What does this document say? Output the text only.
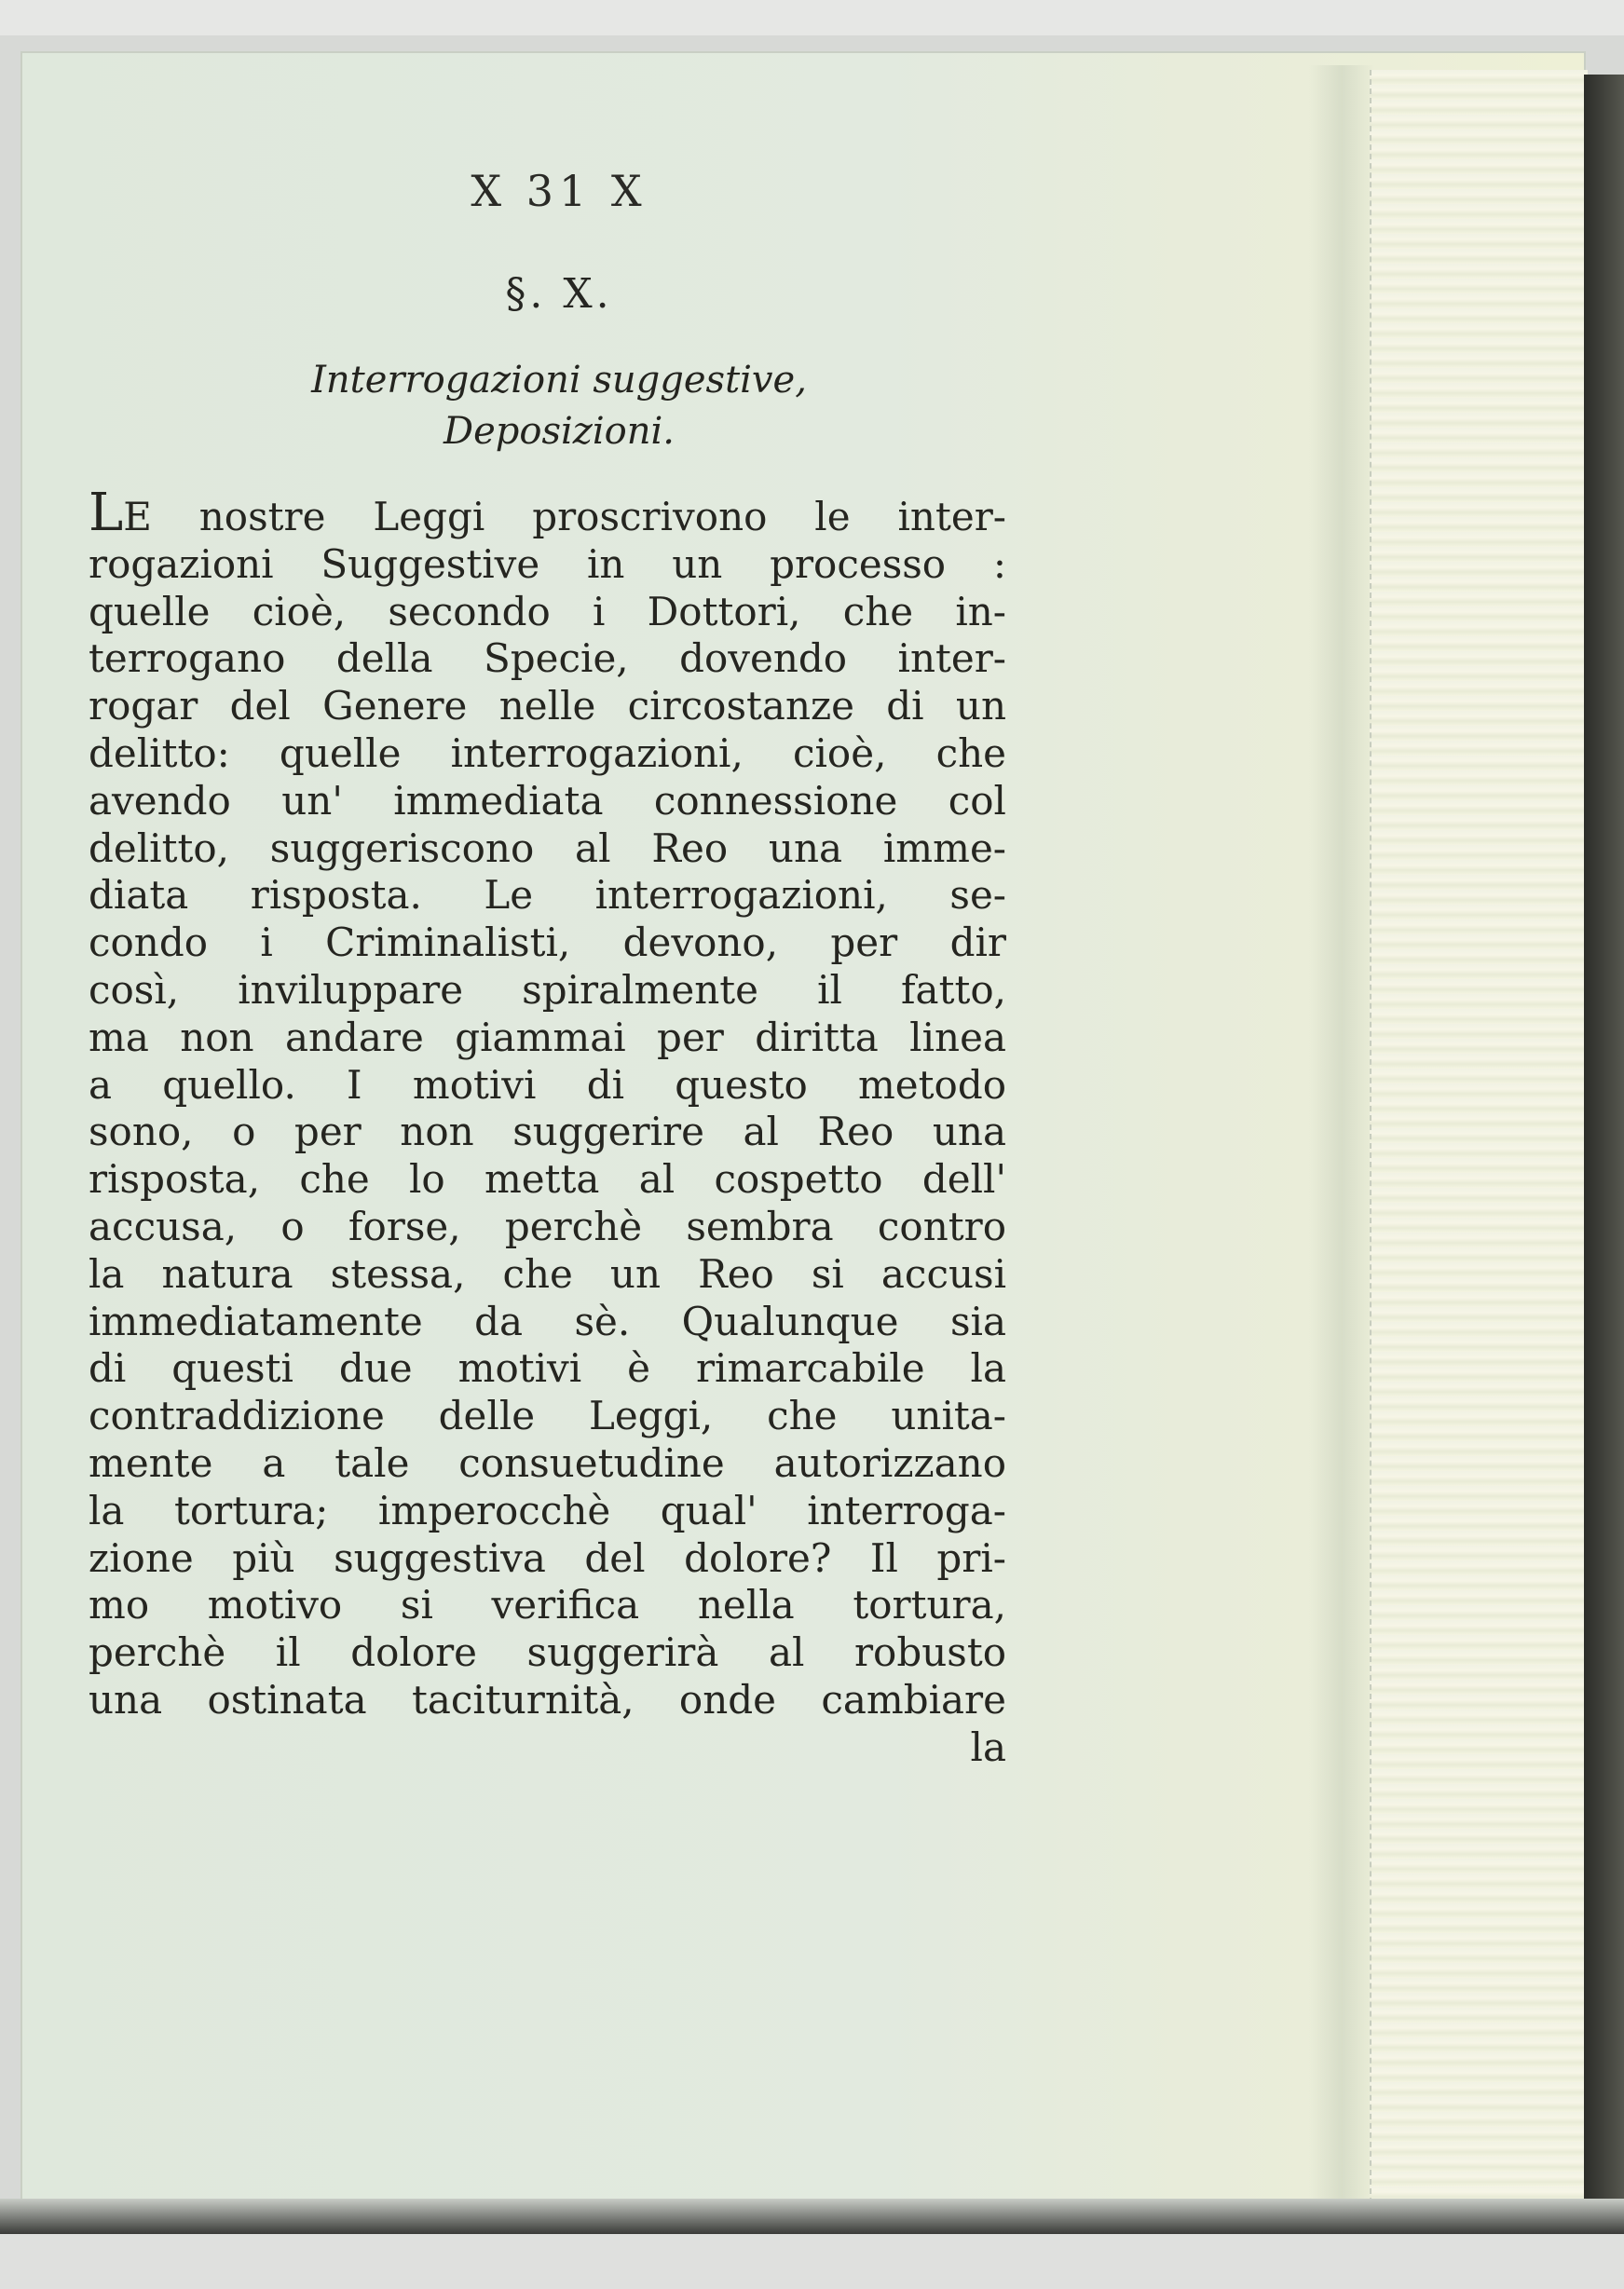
X 31 X
§. X.
Interrogazioni suggestive,
Deposizioni.
LE nostre Leggi proscrivono le inter-
rogazioni Suggestive in un processo :
quelle cioè, secondo i Dottori, che in-
terrogano della Specie, dovendo inter-
rogar del Genere nelle circostanze di un
delitto: quelle interrogazioni, cioè, che
avendo un' immediata connessione col
delitto, suggeriscono al Reo una imme-
diata risposta. Le interrogazioni, se-
condo i Criminalisti, devono, per dir
così, inviluppare spiralmente il fatto,
ma non andare giammai per diritta linea
a quello. I motivi di questo metodo
sono, o per non suggerire al Reo una
risposta, che lo metta al cospetto dell'
accusa, o forse, perchè sembra contro
la natura stessa, che un Reo si accusi
immediatamente da sè. Qualunque sia
di questi due motivi è rimarcabile la
contraddizione delle Leggi, che unita-
mente a tale consuetudine autorizzano
la tortura; imperocchè qual' interroga-
zione più suggestiva del dolore? Il pri-
mo motivo si verifica nella tortura,
perchè il dolore suggerirà al robusto
una ostinata taciturnità, onde cambiare
la
